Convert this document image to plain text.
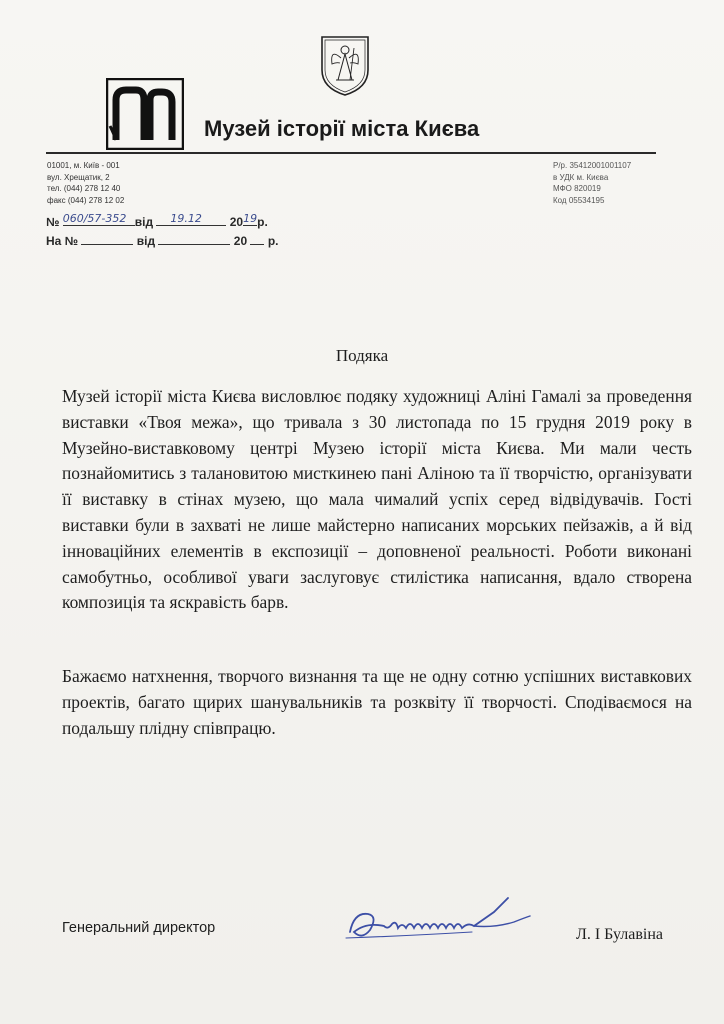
Музей історії міста Києва
01001, м. Київ - 001
вул. Хрещатик, 2
тел. (044) 278 12 40
факс (044) 278 12 02
Р/р. 35412001001107
в УДК м. Києва
МФО 820019
Код 05534195
№ 060/57-352 від 19.12 20 19 р.
На №	від	20 р.
Подяка

Музей історії міста Києва висловлює подяку художниці Аліні Гамалі за проведення виставки «Твоя межа», що тривала з 30 листопада по 15 грудня 2019 року в Музейно-виставковому центрі Музею історії міста Києва. Ми мали честь познайомитись з талановитою мисткинею пані Аліною та її творчістю, організувати її виставку в стінах музею, що мала чималий успіх серед відвідувачів. Гості виставки були в захваті не лише майстерно написаних морських пейзажів, а й від інноваційних елементів в експозиції – доповненої реальності. Роботи виконані самобутньо, особливої уваги заслуговує стилістика написання, вдало створена композиція та яскравість барв.

Бажаємо натхнення, творчого визнання та ще не одну сотню успішних виставкових проектів, багато щирих шанувальників та розквіту її творчості. Сподіваємося на подальшу плідну співпрацю.

Генеральний директор	Л. І Булавіна
